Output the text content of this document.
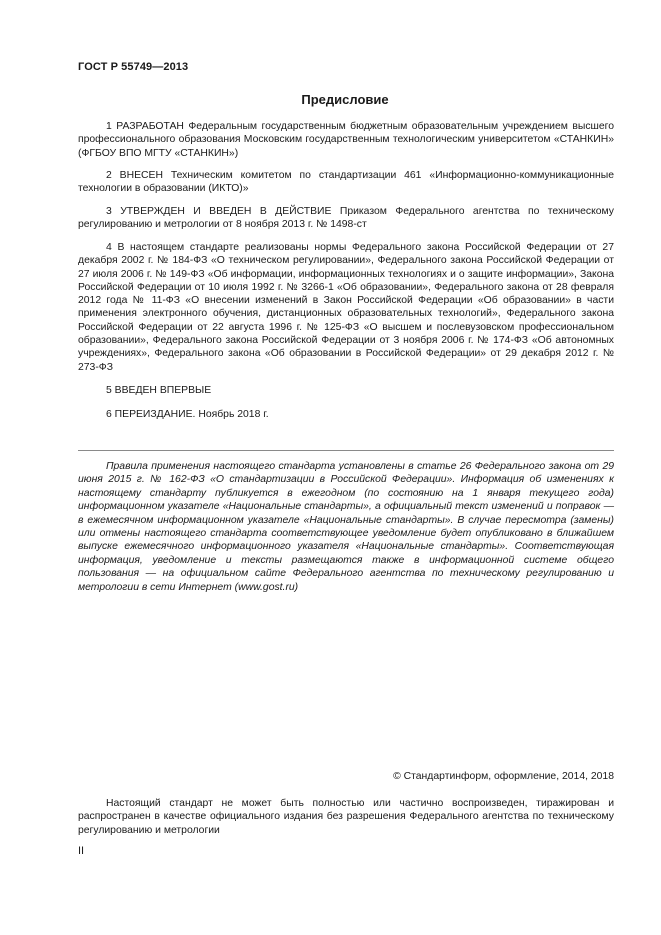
ГОСТ Р 55749—2013
Предисловие

1 РАЗРАБОТАН Федеральным государственным бюджетным образовательным учреждением высшего профессионального образования Московским государственным технологическим университетом «СТАНКИН» (ФГБОУ ВПО МГТУ «СТАНКИН»)

2 ВНЕСЕН Техническим комитетом по стандартизации 461 «Информационно-коммуникационные технологии в образовании (ИКТО)»

3 УТВЕРЖДЕН И ВВЕДЕН В ДЕЙСТВИЕ Приказом Федерального агентства по техническому регулированию и метрологии от 8 ноября 2013 г. № 1498-ст

4 В настоящем стандарте реализованы нормы Федерального закона Российской Федерации от 27 декабря 2002 г. № 184-ФЗ «О техническом регулировании», Федерального закона Российской Федерации от 27 июля 2006 г. № 149-ФЗ «Об информации, информационных технологиях и о защите информации», Закона Российской Федерации от 10 июля 1992 г. № 3266-1 «Об образовании», Федерального закона от 28 февраля 2012 года № 11-ФЗ «О внесении изменений в Закон Российской Федерации «Об образовании» в части применения электронного обучения, дистанционных образовательных технологий», Федерального закона Российской Федерации от 22 августа 1996 г. № 125-ФЗ «О высшем и послевузовском профессиональном образовании», Федерального закона Российской Федерации от 3 ноября 2006 г. № 174-ФЗ «Об автономных учреждениях», Федерального закона «Об образовании в Российской Федерации» от 29 декабря 2012 г. № 273-ФЗ

5 ВВЕДЕН ВПЕРВЫЕ

6 ПЕРЕИЗДАНИЕ. Ноябрь 2018 г.

Правила применения настоящего стандарта установлены в статье 26 Федерального закона от 29 июня 2015 г. № 162-ФЗ «О стандартизации в Российской Федерации». Информация об изменениях к настоящему стандарту публикуется в ежегодном (по состоянию на 1 января текущего года) информационном указателе «Национальные стандарты», а официальный текст изменений и поправок — в ежемесячном информационном указателе «Национальные стандарты». В случае пересмотра (замены) или отмены настоящего стандарта соответствующее уведомление будет опубликовано в ближайшем выпуске ежемесячного информационного указателя «Национальные стандарты». Соответствующая информация, уведомление и тексты размещаются также в информационной системе общего пользования — на официальном сайте Федерального агентства по техническому регулированию и метрологии в сети Интернет (www.gost.ru)

© Стандартинформ, оформление, 2014, 2018

Настоящий стандарт не может быть полностью или частично воспроизведен, тиражирован и распространен в качестве официального издания без разрешения Федерального агентства по техническому регулированию и метрологии

II
